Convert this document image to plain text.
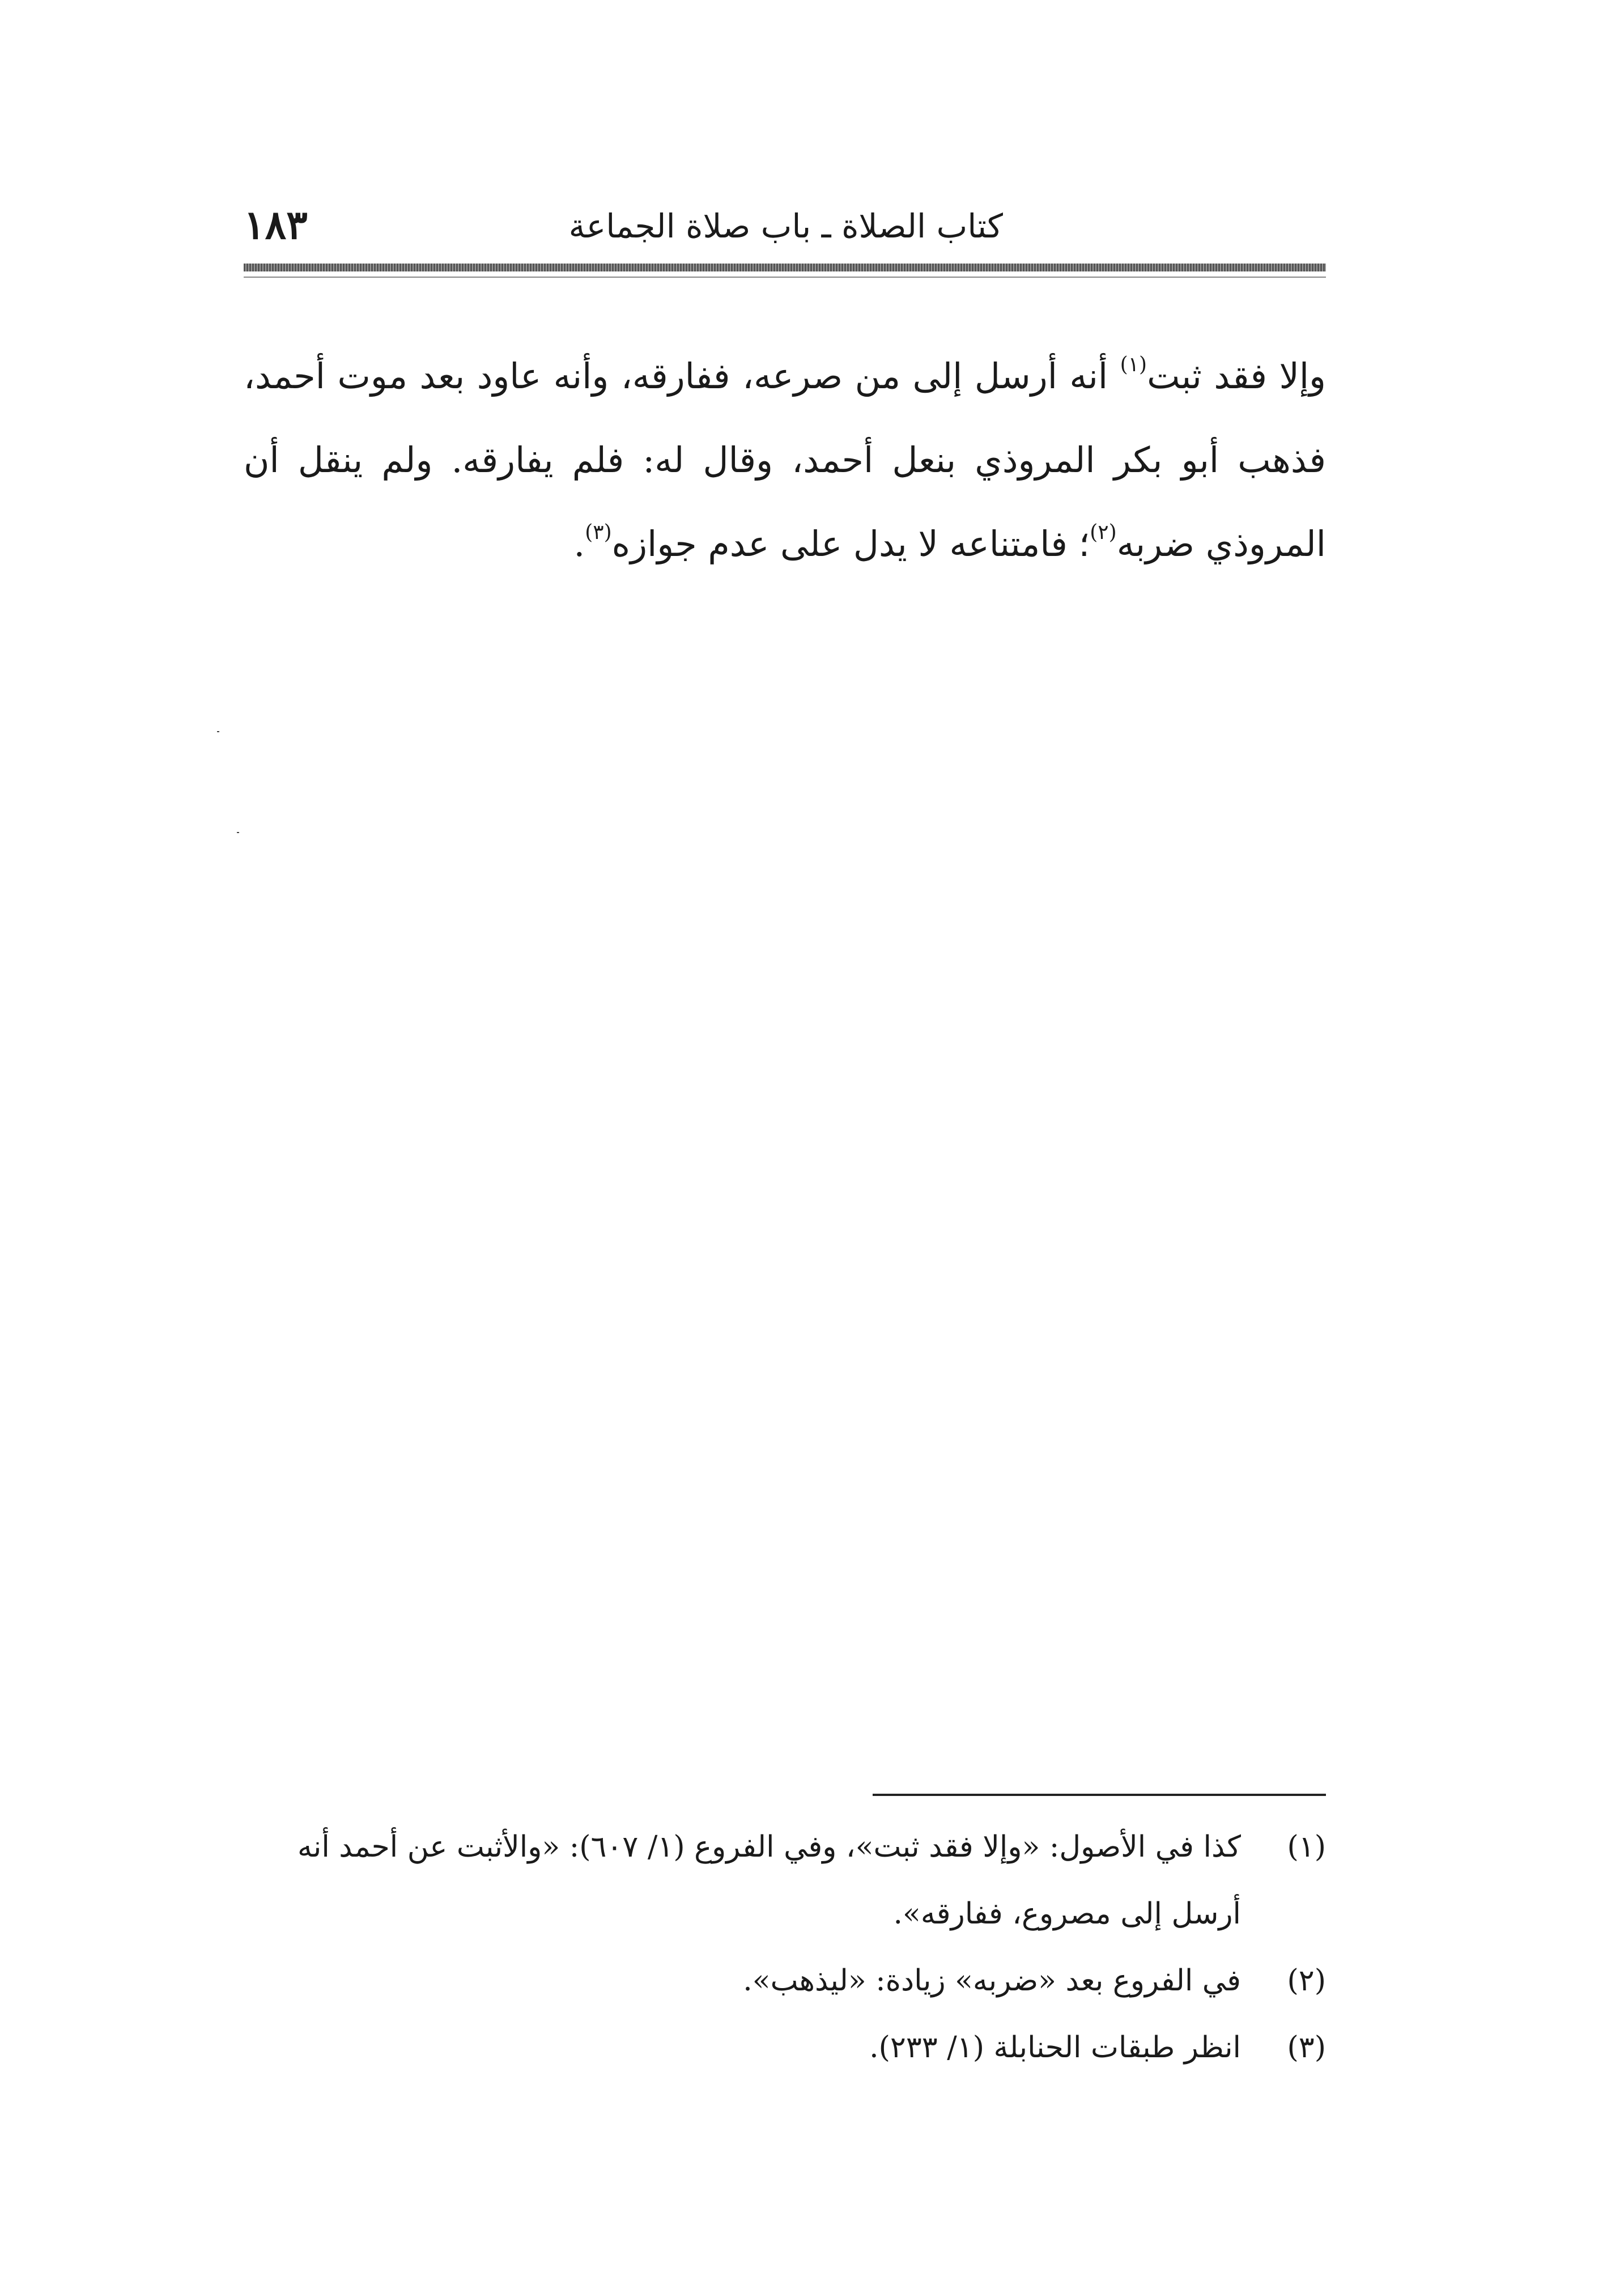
كتاب الصلاة ـ باب صلاة الجماعة
١٨٣

وإلا فقد ثبت$^{(١)}$ أنه أرسل إلى من صرعه، ففارقه، وأنه عاود بعد موت أحمد، فذهب أبو بكر المروذي بنعل أحمد، وقال له: فلم يفارقه. ولم ينقل أن المروذي ضربه$^{(٢)}$؛ فامتناعه لا يدل على عدم جوازه$^{(٣)}$.

(١)
كذا في الأصول: «وإلا فقد ثبت»، وفي الفروع (١/ ٦٠٧): «والأثبت عن أحمد أنه أرسل إلى مصروع، ففارقه».
(٢)
في الفروع بعد «ضربه» زيادة: «ليذهب».
(٣)
انظر طبقات الحنابلة (١/ ٢٣٣).
